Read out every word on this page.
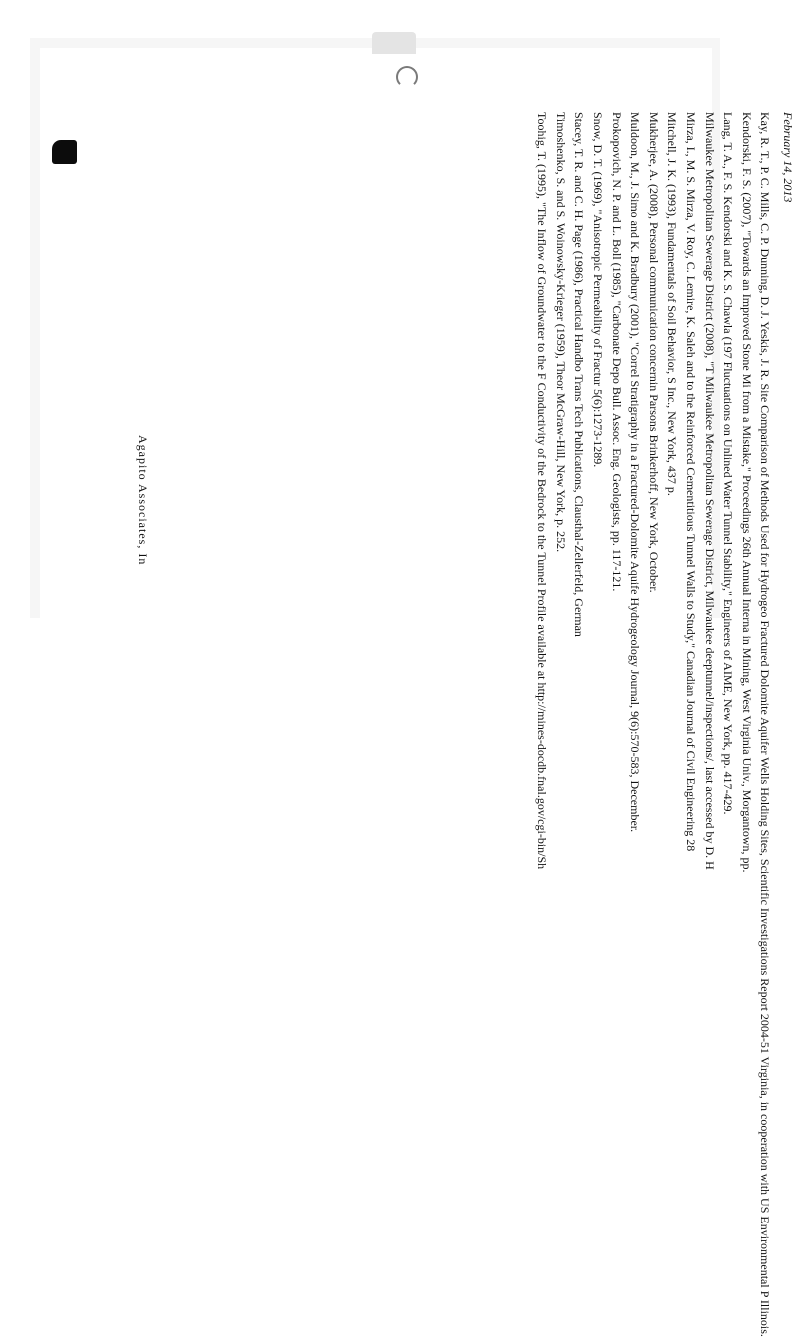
February 14, 2013

Kay, R. T., P. C. Mills, C. P. Dunning, D. J. Yeskis, J. R. Site Comparison of Methods Used for Hydrogeo Fractured Dolomite Aquifer Wells Holding Sites, Scientific Investigations Report 2004-51 Virginia, in cooperation with US Environmental P Illinois.

Kendorski, F. S. (2007), "Towards an Improved Stone Mi from a Mistake," Proceedings 26th Annual Interna in Mining, West Virginia Univ., Morgantown, pp.

Lang, T. A., F. S. Kendorski and K. S. Chawla (197 Fluctuations on Unlined Water Tunnel Stability," Engineers of AIME, New York, pp. 417-429.

Milwaukee Metropolitan Sewerage District (2008), "T Milwaukee Metropolitan Sewerage District, Milwaukee deeptunnel/inspections/, last accessed by D. H

Mirza, I., M. S. Mirza, V. Roy, C. Lemire, K. Saleh and to the Reinforced Cementitious Tunnel Walls to Study," Canadian Journal of Civil Engineering 28

Mitchell, J. K. (1993), Fundamentals of Soil Behavior, S Inc., New York, 437 p.

Mukherjee, A. (2008), Personal communication concernin Parsons Brinkerhoff, New York, October.

Muldoon, M., J. Simo and K. Bradbury (2001), "Correl Stratigraphy in a Fractured-Dolomite Aquife Hydrogeology Journal, 9(6):570-583, December.

Prokopovich, N. P. and L. Boll (1985), "Carbonate Depo Bull. Assoc. Eng. Geologists, pp. 117-121.

Snow, D. T. (1969), "Anisotropic Permeability of Fractur 5(6):1273-1289.

Stacey, T. R. and C. H. Page (1986), Practical Handbo Trans Tech Publications, Clausthal-Zellerfeld, German

Timoshenko, S. and S. Woinowsky-Krieger (1959), Theor McGraw-Hill, New York, p. 252.

Toohig, T. (1995), "The Inflow of Groundwater to the F Conductivity of the Bedrock to the Tunnel Profile available at http://mines-docdb.fnal.gov/cgi-bin/Sh

Agapito Associates, In
